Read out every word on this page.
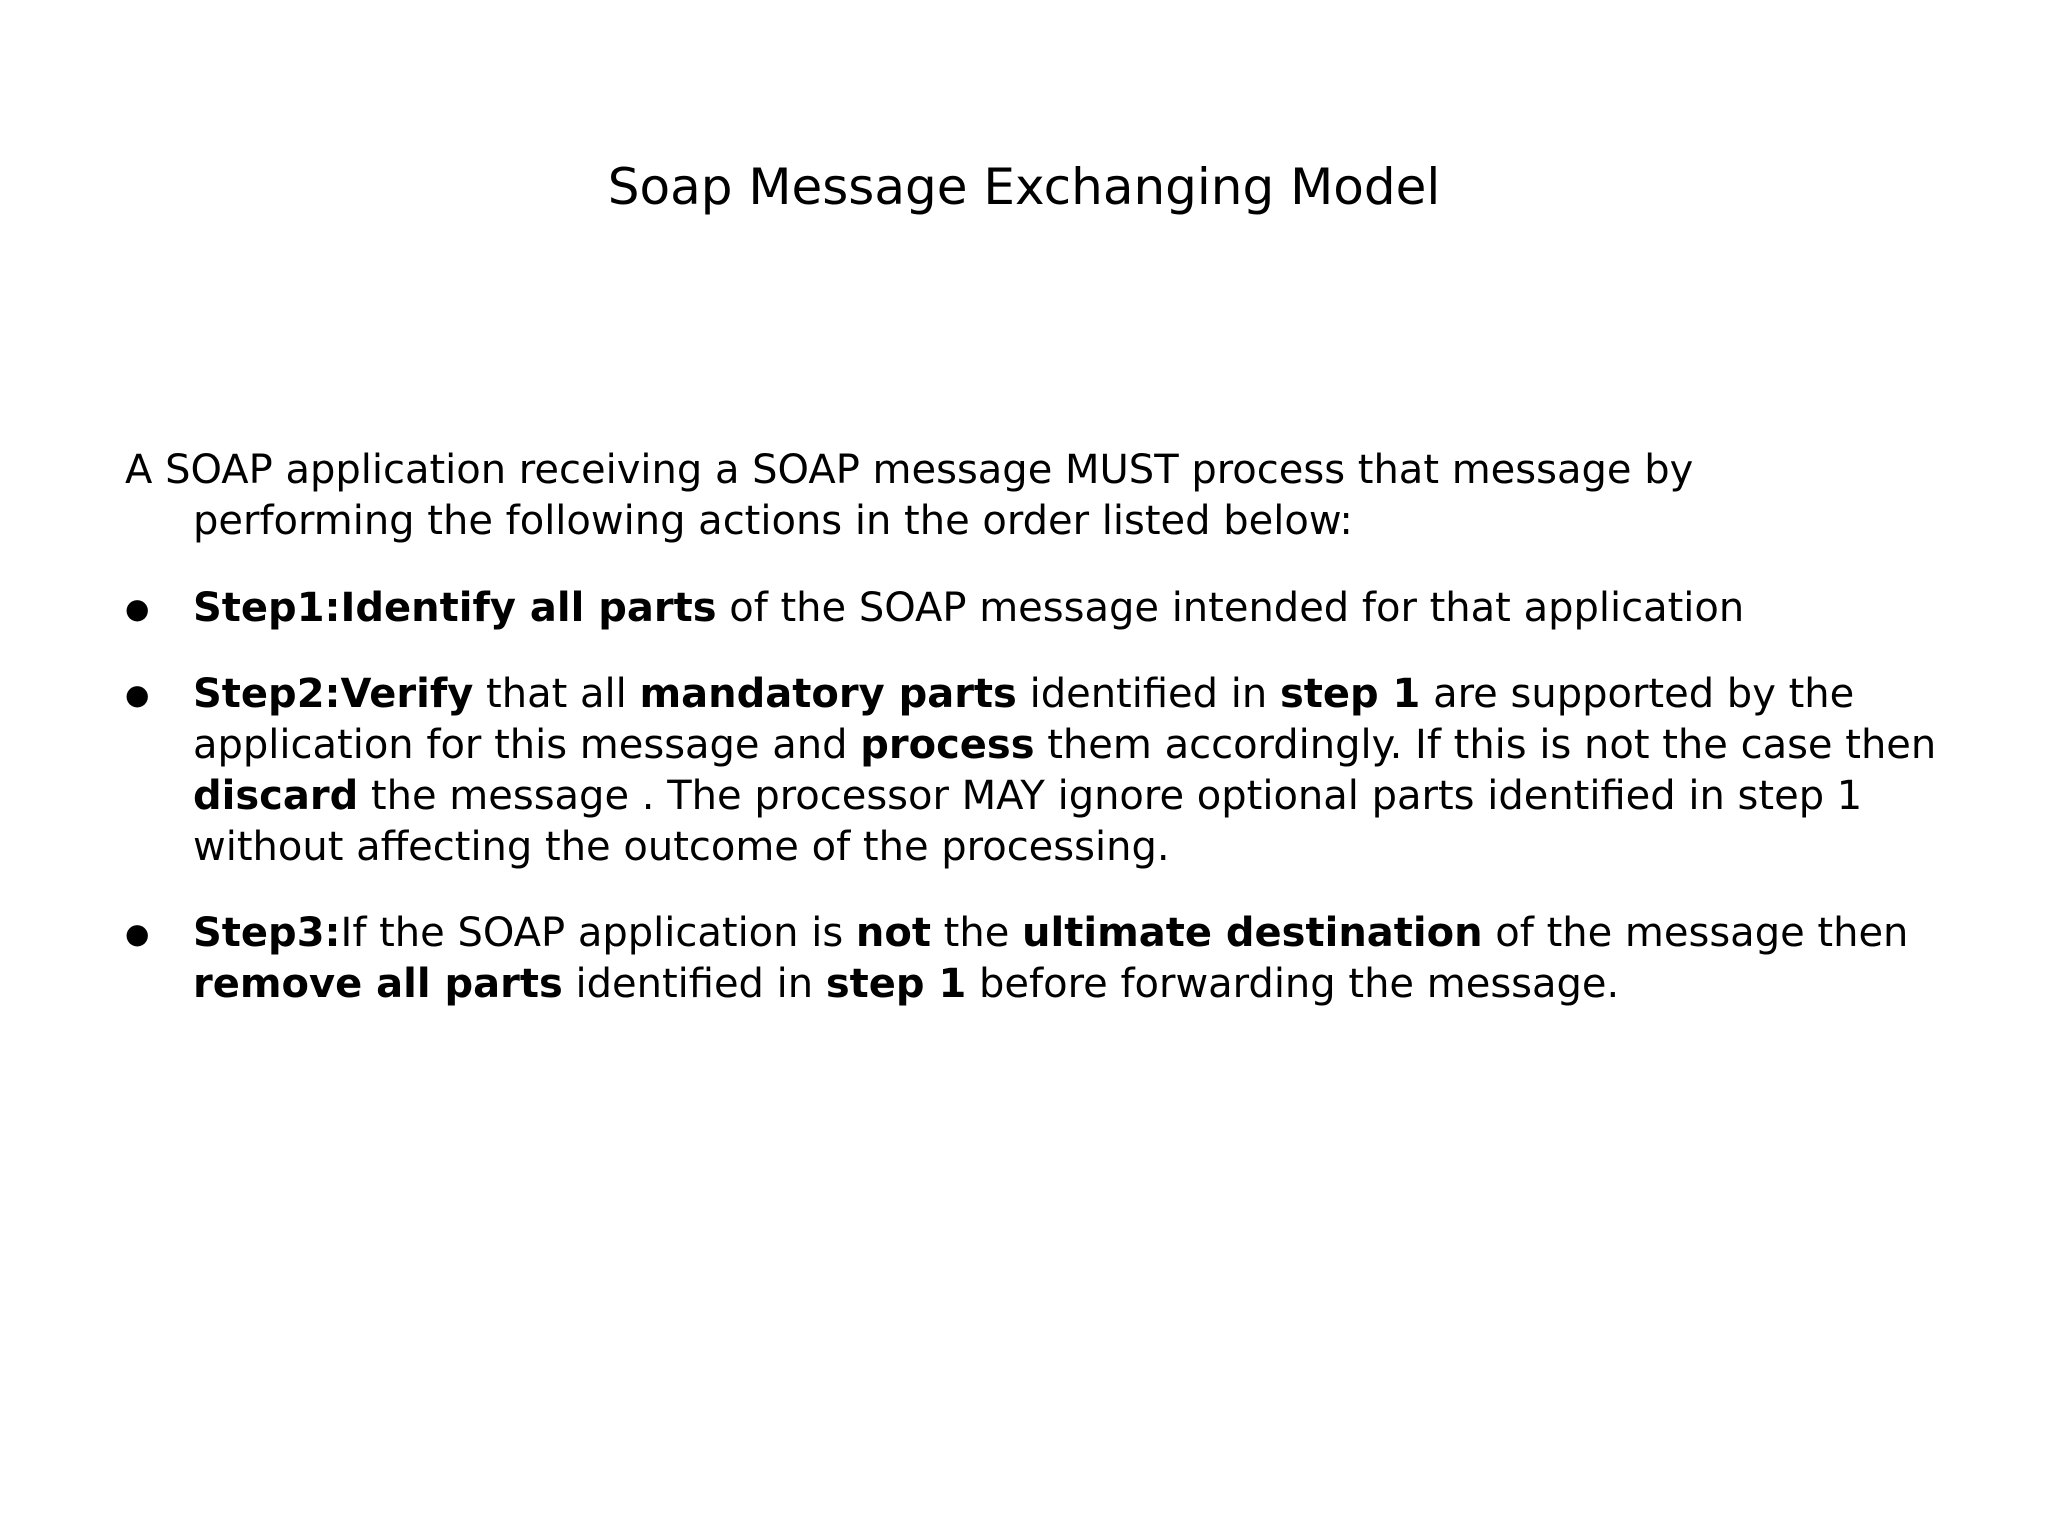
Soap Message Exchanging Model

A SOAP application receiving a SOAP message MUST process that message by
performing the following actions in the order listed below:

● Step1:Identify all parts of the SOAP message intended for that application
● Step2:Verify that all mandatory parts identified in step 1 are supported by the application for this message and process them accordingly. If this is not the case then discard the message . The processor MAY ignore optional parts identified in step 1 without affecting the outcome of the processing.
● Step3:If the SOAP application is not the ultimate destination of the message then remove all parts identified in step 1 before forwarding the message.
